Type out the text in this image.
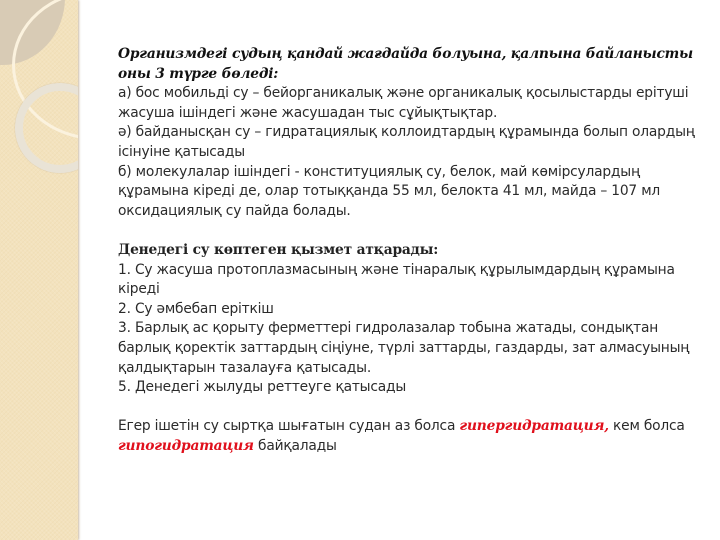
Организмдегі судың қандай жағдайда болуына, қалпына байланысты оны 3 түрге бөледі:

а) бос мобильді су – бейорганикалық және органикалық қосылыстарды ерітуші жасуша ішіндегі және жасушадан тыс сұйықтықтар.

ә) байданысқан су – гидратациялық коллоидтардың құрамында болып олардың ісінуіне қатысады

б) молекулалар ішіндегі - конституциялық су, белок, май көмірсулардың құрамына кіреді де, олар тотыққанда 55 мл, белокта 41 мл, майда – 107 мл оксидациялық су пайда болады.

Денедегі су көптеген қызмет атқарады:

1. Су жасуша протоплазмасының және тінаралық құрылымдардың құрамына кіреді

2. Су әмбебап еріткіш

3. Барлық ас қорыту ферметтері гидролазалар тобына жатады, сондықтан барлық қоректік заттардың сіңіуне, түрлі заттарды, газдарды, зат алмасуының қалдықтарын тазалауға қатысады.

5. Денедегі жылуды реттеугe қатысады

Егер ішетін су сыртқа шығатын судан аз болса гипергидратация, кем болса гипогидратация байқалады
